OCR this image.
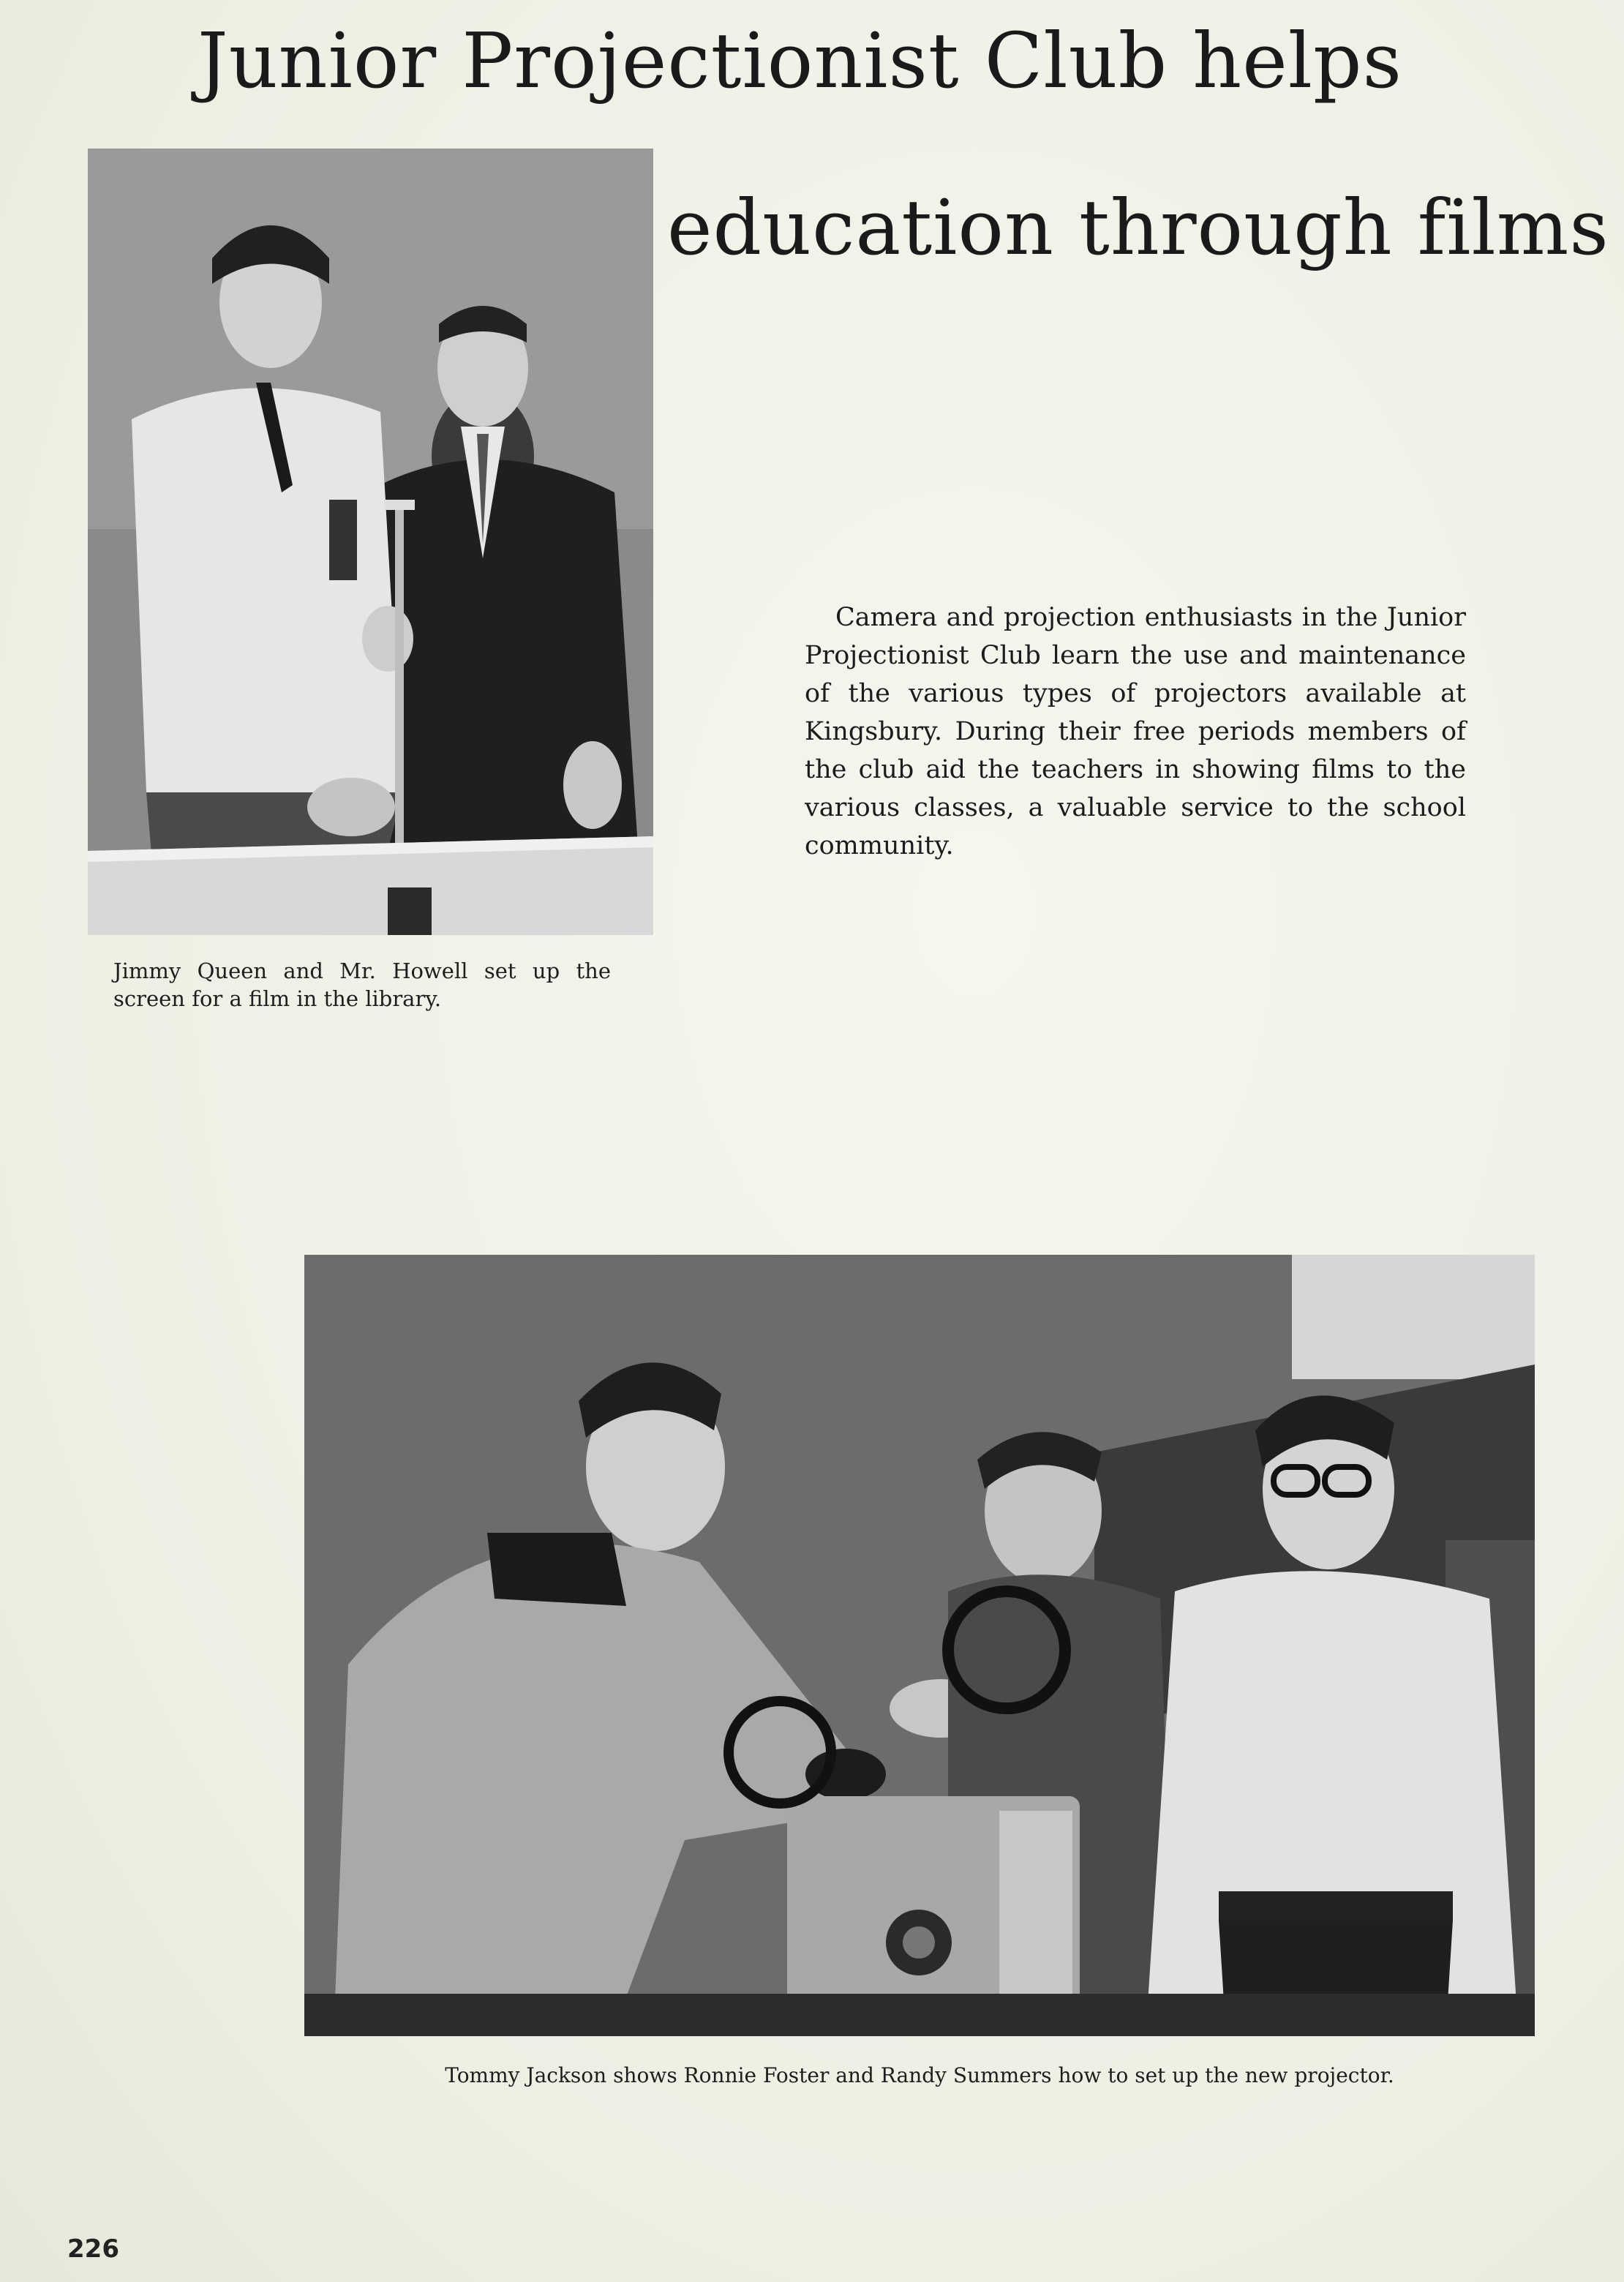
Junior Projectionist Club helps
education through films

Jimmy Queen and Mr. Howell set up the screen for a film in the library.

Camera and projection enthusiasts in the Junior Projectionist Club learn the use and maintenance of the various types of projectors available at Kingsbury. During their free periods members of the club aid the teachers in showing films to the various classes, a valuable service to the school community.

Tommy Jackson shows Ronnie Foster and Randy Summers how to set up the new projector.

226
